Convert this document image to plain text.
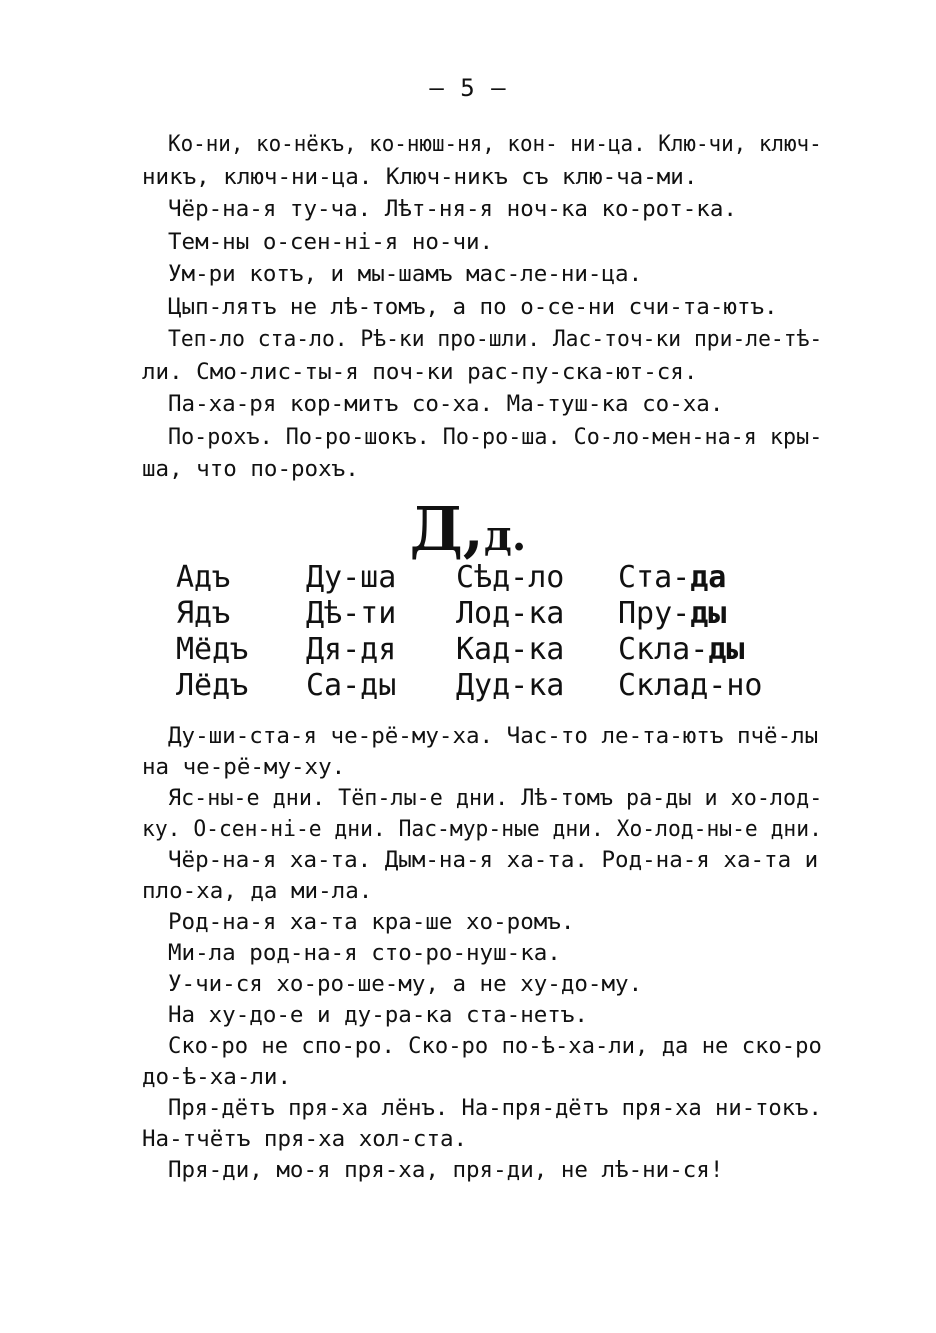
— 5 —
Ко-ни, ко-нёкъ, ко-нюш-ня, кон- ни-ца. Клю-чи, ключ-
никъ, ключ-ни-ца. Ключ-никъ съ клю-ча-ми.
Чёр-на-я ту-ча. Лѣт-ня-я ноч-ка ко-рот-ка.
Тем-ны о-сен-нi-я но-чи.
Ум-ри котъ, и мы-шамъ мас-ле-ни-ца.
Цып-лятъ не лѣ-томъ, а по о-се-ни счи-та-ютъ.
Теп-ло ста-ло. Рѣ-ки про-шли. Лас-точ-ки при-ле-тѣ-
ли. Смо-лис-ты-я поч-ки рас-пу-ска-ют-ся.
Па-ха-ря кор-митъ со-ха. Ма-туш-ка со-ха.
По-рохъ. По-ро-шокъ. По-ро-ша. Со-ло-мен-на-я кры-
ша, что по-рохъ.
Д,д.
Адъ
Ядъ
Мёдъ
Лёдъ
Ду-ша
Дѣ-ти
Дя-дя
Са-ды
Сѣд-ло
Лод-ка
Кад-ка
Дуд-ка
Ста-да
Пру-ды
Скла-ды
Склад-но
Ду-ши-ста-я че-рё-му-ха. Час-то ле-та-ютъ пчё-лы
на че-рё-му-ху.
Яс-ны-е дни. Тёп-лы-е дни. Лѣ-томъ ра-ды и хо-лод-
ку. О-сен-нi-е дни. Пас-мур-ные дни. Хо-лод-ны-е дни.
Чёр-на-я ха-та. Дым-на-я ха-та. Род-на-я ха-та и
пло-ха, да ми-ла.
Род-на-я ха-та кра-ше хо-ромъ.
Ми-ла род-на-я сто-ро-нуш-ка.
У-чи-ся хо-ро-ше-му, а не ху-до-му.
На ху-до-е и ду-ра-ка ста-нетъ.
Ско-ро не спо-ро. Ско-ро по-ѣ-ха-ли, да не ско-ро
до-ѣ-ха-ли.
Пря-дётъ пря-ха лёнъ. На-пря-дётъ пря-ха ни-токъ.
На-тчётъ пря-ха хол-ста.
Пря-ди, мо-я пря-ха, пря-ди, не лѣ-ни-ся!
